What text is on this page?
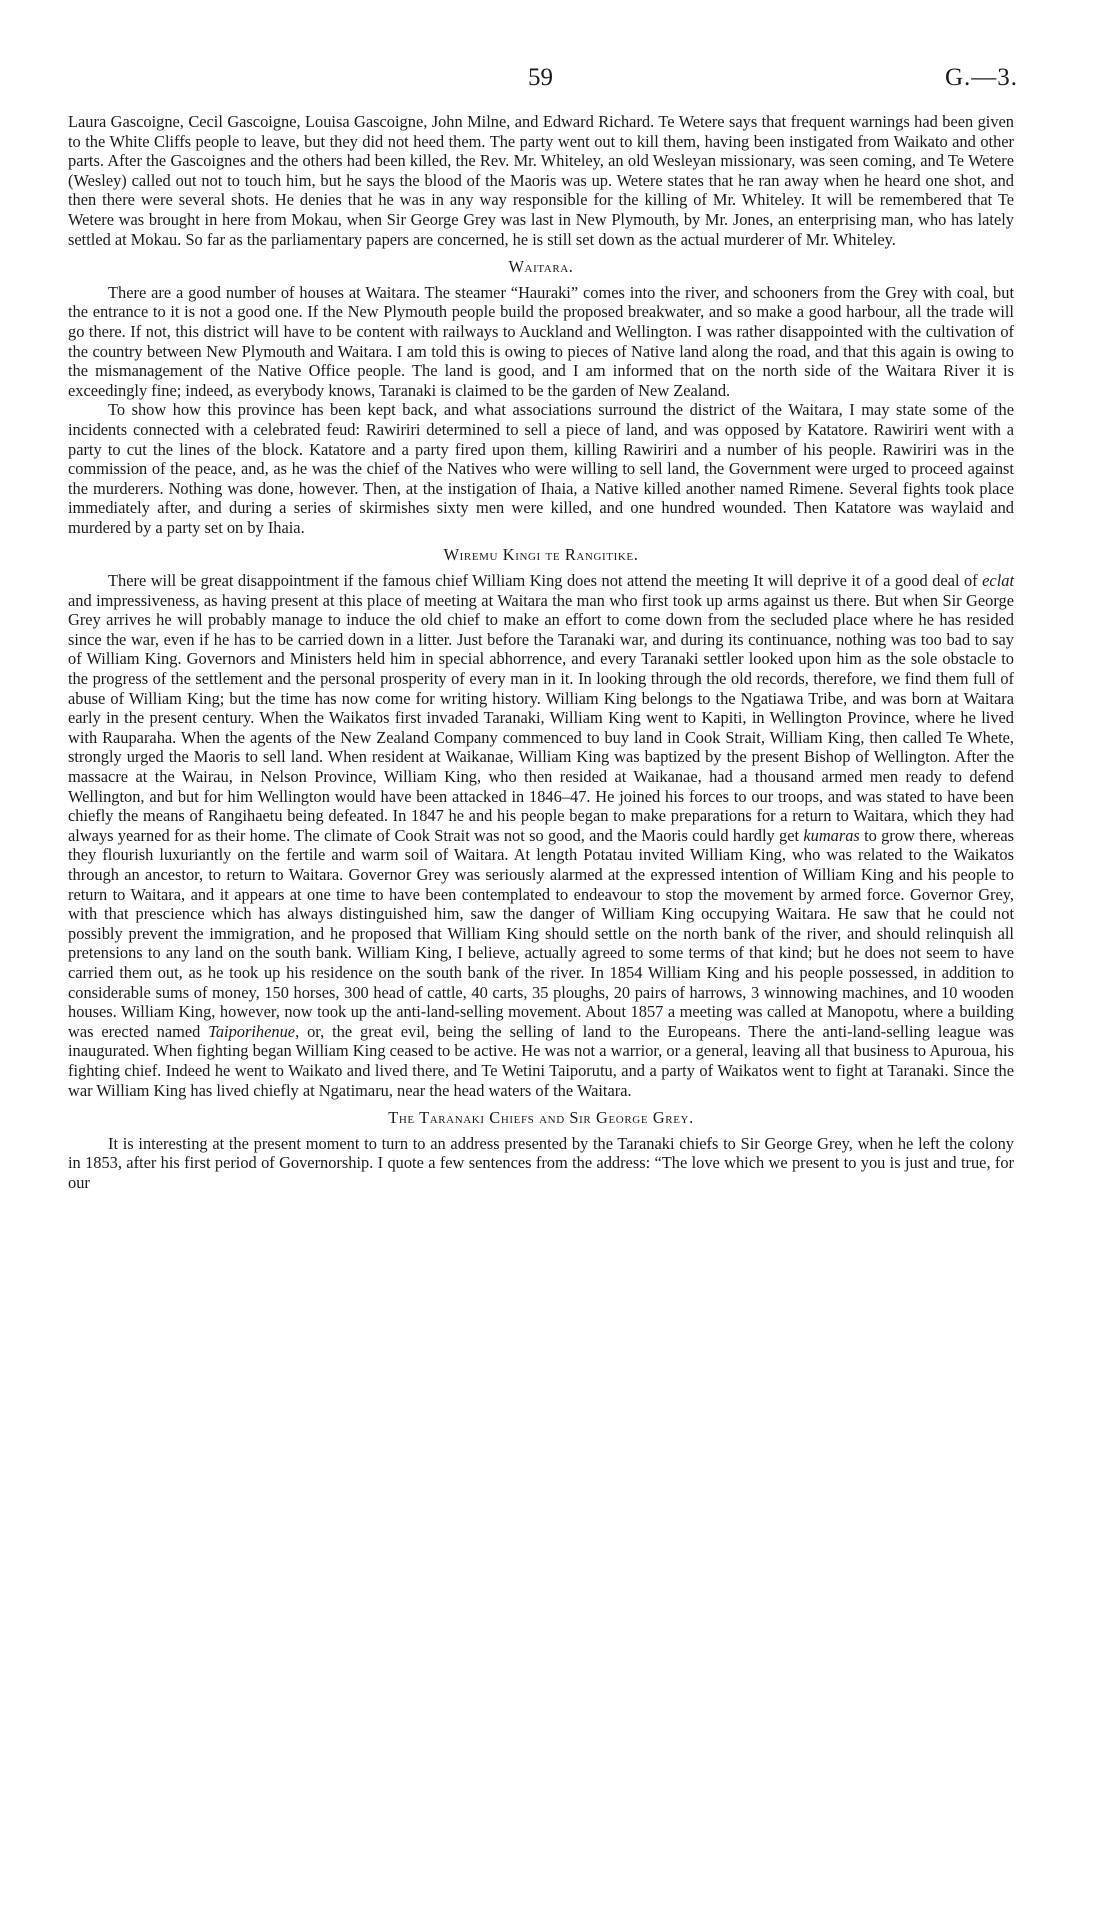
59	G.—3.

Laura Gascoigne, Cecil Gascoigne, Louisa Gascoigne, John Milne, and Edward Richard. Te Wetere says that frequent warnings had been given to the White Cliffs people to leave, but they did not heed them. The party went out to kill them, having been instigated from Waikato and other parts. After the Gascoignes and the others had been killed, the Rev. Mr. Whiteley, an old Wesleyan missionary, was seen coming, and Te Wetere (Wesley) called out not to touch him, but he says the blood of the Maoris was up. Wetere states that he ran away when he heard one shot, and then there were several shots. He denies that he was in any way responsible for the killing of Mr. Whiteley. It will be remembered that Te Wetere was brought in here from Mokau, when Sir George Grey was last in New Plymouth, by Mr. Jones, an enterprising man, who has lately settled at Mokau. So far as the parliamentary papers are concerned, he is still set down as the actual murderer of Mr. Whiteley.

Waitara.

There are a good number of houses at Waitara. The steamer “Hauraki” comes into the river, and schooners from the Grey with coal, but the entrance to it is not a good one. If the New Plymouth people build the proposed breakwater, and so make a good harbour, all the trade will go there. If not, this district will have to be content with railways to Auckland and Wellington. I was rather disappointed with the cultivation of the country between New Plymouth and Waitara. I am told this is owing to pieces of Native land along the road, and that this again is owing to the mismanagement of the Native Office people. The land is good, and I am informed that on the north side of the Waitara River it is exceedingly fine; indeed, as everybody knows, Taranaki is claimed to be the garden of New Zealand.

To show how this province has been kept back, and what associations surround the district of the Waitara, I may state some of the incidents connected with a celebrated feud: Rawiriri determined to sell a piece of land, and was opposed by Katatore. Rawiriri went with a party to cut the lines of the block. Katatore and a party fired upon them, killing Rawiriri and a number of his people. Rawiriri was in the commission of the peace, and, as he was the chief of the Natives who were willing to sell land, the Government were urged to proceed against the murderers. Nothing was done, however. Then, at the instigation of Ihaia, a Native killed another named Rimene. Several fights took place immediately after, and during a series of skirmishes sixty men were killed, and one hundred wounded. Then Katatore was waylaid and murdered by a party set on by Ihaia.

Wiremu Kingi te Rangitike.

There will be great disappointment if the famous chief William King does not attend the meeting It will deprive it of a good deal of eclat and impressiveness, as having present at this place of meeting at Waitara the man who first took up arms against us there. But when Sir George Grey arrives he will probably manage to induce the old chief to make an effort to come down from the secluded place where he has resided since the war, even if he has to be carried down in a litter. Just before the Taranaki war, and during its continuance, nothing was too bad to say of William King. Governors and Ministers held him in special abhorrence, and every Taranaki settler looked upon him as the sole obstacle to the progress of the settlement and the personal prosperity of every man in it. In looking through the old records, therefore, we find them full of abuse of William King; but the time has now come for writing history. William King belongs to the Ngatiawa Tribe, and was born at Waitara early in the present century. When the Waikatos first invaded Taranaki, William King went to Kapiti, in Wellington Province, where he lived with Rauparaha. When the agents of the New Zealand Company commenced to buy land in Cook Strait, William King, then called Te Whete, strongly urged the Maoris to sell land. When resident at Waikanae, William King was baptized by the present Bishop of Wellington. After the massacre at the Wairau, in Nelson Province, William King, who then resided at Waikanae, had a thousand armed men ready to defend Wellington, and but for him Wellington would have been attacked in 1846–47. He joined his forces to our troops, and was stated to have been chiefly the means of Rangihaetu being defeated. In 1847 he and his people began to make preparations for a return to Waitara, which they had always yearned for as their home. The climate of Cook Strait was not so good, and the Maoris could hardly get kumaras to grow there, whereas they flourish luxuriantly on the fertile and warm soil of Waitara. At length Potatau invited William King, who was related to the Waikatos through an ancestor, to return to Waitara. Governor Grey was seriously alarmed at the expressed intention of William King and his people to return to Waitara, and it appears at one time to have been contemplated to endeavour to stop the movement by armed force. Governor Grey, with that prescience which has always distinguished him, saw the danger of William King occupying Waitara. He saw that he could not possibly prevent the immigration, and he proposed that William King should settle on the north bank of the river, and should relinquish all pretensions to any land on the south bank. William King, I believe, actually agreed to some terms of that kind; but he does not seem to have carried them out, as he took up his residence on the south bank of the river. In 1854 William King and his people possessed, in addition to considerable sums of money, 150 horses, 300 head of cattle, 40 carts, 35 ploughs, 20 pairs of harrows, 3 winnowing machines, and 10 wooden houses. William King, however, now took up the anti-land-selling movement. About 1857 a meeting was called at Manopotu, where a building was erected named Taiporihenue, or, the great evil, being the selling of land to the Europeans. There the anti-land-selling league was inaugurated. When fighting began William King ceased to be active. He was not a warrior, or a general, leaving all that business to Apuroua, his fighting chief. Indeed he went to Waikato and lived there, and Te Wetini Taiporutu, and a party of Waikatos went to fight at Taranaki. Since the war William King has lived chiefly at Ngatimaru, near the head waters of the Waitara.

The Taranaki Chiefs and Sir George Grey.

It is interesting at the present moment to turn to an address presented by the Taranaki chiefs to Sir George Grey, when he left the colony in 1853, after his first period of Governorship. I quote a few sentences from the address: “The love which we present to you is just and true, for our
